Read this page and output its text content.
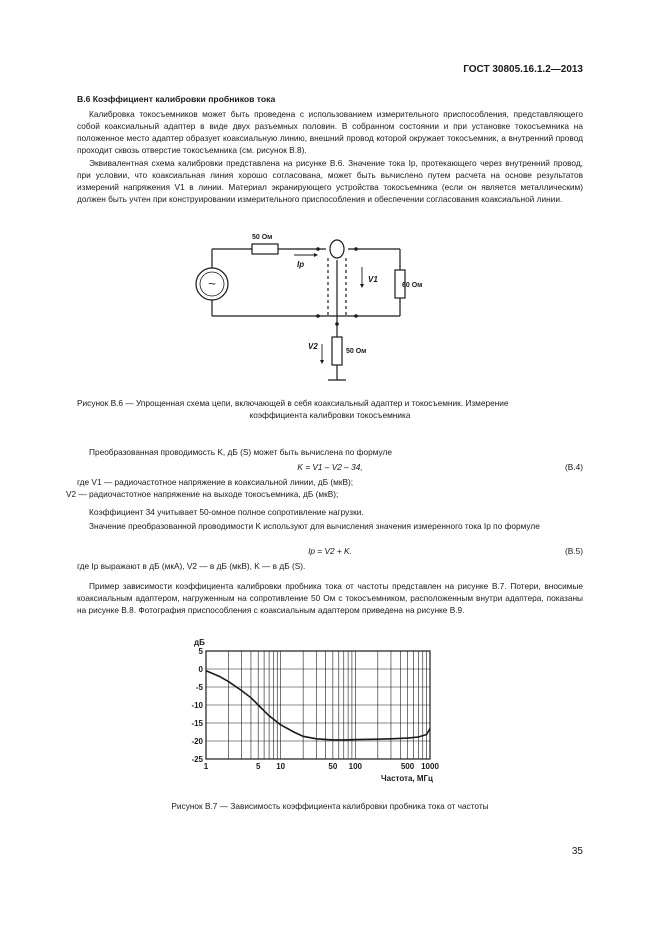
ГОСТ 30805.16.1.2—2013
В.6 Коэффициент калибровки пробников тока
Калибровка токосъемников может быть проведена с использованием измерительного приспособления, представляющего собой коаксиальный адаптер в виде двух разъемных половин. В собранном состоянии и при установке токосъемника на положенное место адаптер образует коаксиальную линию, внешний провод которой окружает токосъемник, а внутренний провод проходит сквозь отверстие токосъемника (см. рисунок В.8).
Эквивалентная схема калибровки представлена на рисунке В.6. Значение тока Iр, протекающего через внутренний провод, при условии, что коаксиальная линия хорошо согласована, может быть вычислено путем расчета на основе результатов измерений напряжения V1 в линии. Материал экранирующего устройства токосъемника (если он является металлическим) должен быть учтен при конструировании измерительного приспособления и обеспечении согласования коаксиальной линии.
~
50 Ом
60 Ом
50 Ом
Ip
V1
V2
Рисунок В.6 — Упрощенная схема цепи, включающей в себя коаксиальный адаптер и токосъемник. Измерение
коэффициента калибровки токосъемника
Преобразованная проводимость K, дБ (S) может быть вычислена по формуле
K = V1 – V2 – 34,	(В.4)
где V1 — радиочастотное напряжение в коаксиальной линии, дБ (мкВ);
V2 — радиочастотное напряжение на выходе токосъемника, дБ (мкВ);
Коэффициент 34 учитывает 50-омное полное сопротивление нагрузки.
Значение преобразованной проводимости K используют для вычисления значения измеренного тока Iр по формуле
Ip = V2 + K.	(В.5)
где Iр выражают в дБ (мкА), V2 — в дБ (мкВ), K — в дБ (S).
Пример зависимости коэффициента калибровки пробника тока от частоты представлен на рисунке В.7. Потери, вносимые коаксиальным адаптером, нагруженным на сопротивление 50 Ом с токосъемником, расположенным внутри адаптера, показаны на рисунке В.8. Фотография приспособления с коаксиальным адаптером приведена на рисунке В.9.
5
0
-5
-10
-15
-20
-25
1	5 10	50 100	500 1000
дБ
Частота, МГц
Рисунок В.7 — Зависимость коэффициента калибровки пробника тока от частоты
35
